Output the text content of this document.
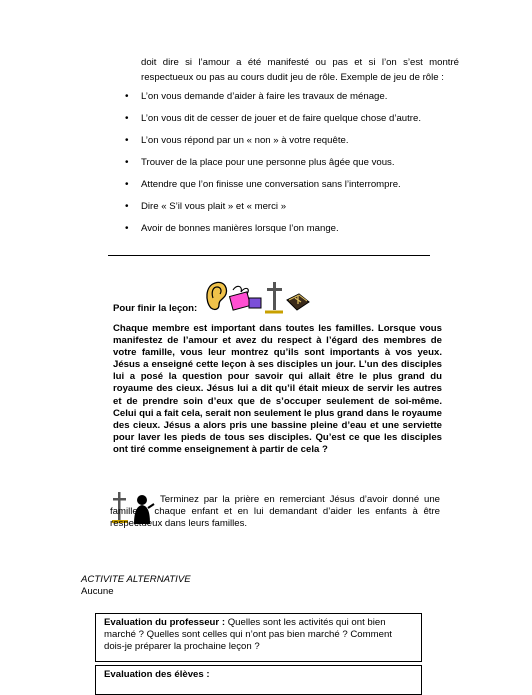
doit dire si l’amour a été manifesté ou pas et si l’on s’est montré respectueux ou pas au cours dudit jeu de rôle. Exemple de jeu de rôle :
• L’on vous demande d’aider à faire les travaux de ménage.
• L’on vous dit de cesser de jouer et de faire quelque chose d’autre.
• L’on vous répond par un « non » à votre requête.
• Trouver de la place pour une personne plus âgée que vous.
• Attendre que l’on finisse une conversation sans l’interrompre.
• Dire « S’il vous plait » et « merci »
• Avoir de bonnes manières lorsque l’on mange.
Pour finir la leçon:
Chaque membre est important dans toutes les familles. Lorsque vous manifestez de l’amour et avez du respect à l’égard des membres de votre famille, vous leur montrez qu’ils sont importants à vos yeux. Jésus a enseigné cette leçon à ses disciples un jour. L’un des disciples lui a posé la question pour savoir qui allait être le plus grand du royaume des cieux. Jésus lui a dit qu’il était mieux de servir les autres et de prendre soin d’eux que de s’occuper seulement de soi-même. Celui qui a fait cela, serait non seulement le plus grand dans le royaume des cieux. Jésus a alors pris une bassine pleine d’eau et une serviette pour laver les pieds de tous ses disciples. Qu’est ce que les disciples ont tiré comme enseignement à partir de cela ?
Terminez par la prière en remerciant Jésus d’avoir donné une famille à chaque enfant et en lui demandant d’aider les enfants à être respectueux dans leurs familles.
ACTIVITE ALTERNATIVE
Aucune
Evaluation du professeur : Quelles sont les activités qui ont bien marché ? Quelles sont celles qui n’ont pas bien marché ? Comment dois-je préparer la prochaine leçon ?
Evaluation des élèves :
